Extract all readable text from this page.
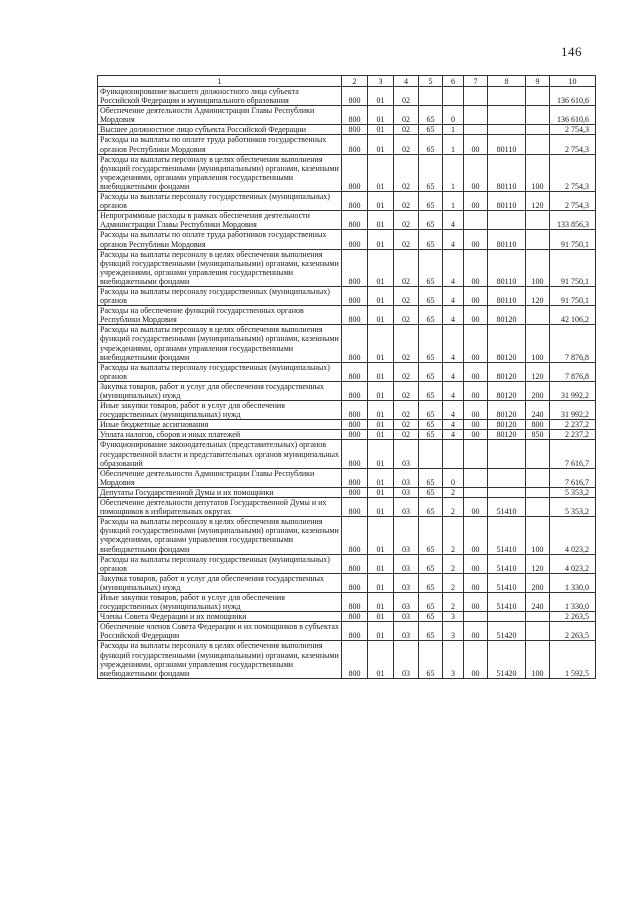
146
1	2	3	4	5	6	7	8	9	10
Функционирование высшего должностного лица субъекта Российской Федерации и муниципального образования	800	01	02						136 610,6
Обеспечение деятельности Администрации Главы Республики Мордовия	800	01	02	65	0				136 610,6
Высшее должностное лицо субъекта Российской Федерации	800	01	02	65	1				2 754,3
Расходы на выплаты по оплате труда работников государственных органов Республики Мордовия	800	01	02	65	1	00	80110		2 754,3
Расходы на выплаты персоналу в целях обеспечения выполнения функций государственными (муниципальными) органами, казенными учреждениями, органами управления государственными внебюджетными фондами	800	01	02	65	1	00	80110	100	2 754,3
Расходы на выплаты персоналу государственных (муниципальных) органов	800	01	02	65	1	00	80110	120	2 754,3
Непрограммные расходы в рамках обеспечения деятельности Администрации Главы Республики Мордовия	800	01	02	65	4				133 856,3
Расходы на выплаты по оплате труда работников государственных органов Республики Мордовия	800	01	02	65	4	00	80110		91 750,1
Расходы на выплаты персоналу в целях обеспечения выполнения функций государственными (муниципальными) органами, казенными учреждениями, органами управления государственными внебюджетными фондами	800	01	02	65	4	00	80110	100	91 750,1
Расходы на выплаты персоналу государственных (муниципальных) органов	800	01	02	65	4	00	80110	120	91 750,1
Расходы на обеспечение функций государственных органов Республики Мордовия	800	01	02	65	4	00	80120		42 106,2
Расходы на выплаты персоналу в целях обеспечения выполнения функций государственными (муниципальными) органами, казенными учреждениями, органами управления государственными внебюджетными фондами	800	01	02	65	4	00	80120	100	7 876,8
Расходы на выплаты персоналу государственных (муниципальных) органов	800	01	02	65	4	00	80120	120	7 876,8
Закупка товаров, работ и услуг для обеспечения государственных (муниципальных) нужд	800	01	02	65	4	00	80120	200	31 992,2
Иные закупки товаров, работ и услуг для обеспечения государственных (муниципальных) нужд	800	01	02	65	4	00	80120	240	31 992,2
Иные бюджетные ассигнования	800	01	02	65	4	00	80120	800	2 237,2
Уплата налогов, сборов и иных платежей	800	01	02	65	4	00	80120	850	2 237,2
Функционирование законодательных (представительных) органов государственной власти и представительных органов муниципальных образований	800	01	03						7 616,7
Обеспечение деятельности Администрации Главы Республики Мордовия	800	01	03	65	0				7 616,7
Депутаты Государственной Думы и их помощники	800	01	03	65	2				5 353,2
Обеспечение деятельности депутатов Государственной Думы и их помощников в избирательных округах	800	01	03	65	2	00	51410		5 353,2
Расходы на выплаты персоналу в целях обеспечения выполнения функций государственными (муниципальными) органами, казенными учреждениями, органами управления государственными внебюджетными фондами	800	01	03	65	2	00	51410	100	4 023,2
Расходы на выплаты персоналу государственных (муниципальных) органов	800	01	03	65	2	00	51410	120	4 023,2
Закупка товаров, работ и услуг для обеспечения государственных (муниципальных) нужд	800	01	03	65	2	00	51410	200	1 330,0
Иные закупки товаров, работ и услуг для обеспечения государственных (муниципальных) нужд	800	01	03	65	2	00	51410	240	1 330,0
Члены Совета Федерации и их помощники	800	01	03	65	3				2 263,5
Обеспечение членов Совета Федерации и их помощников в субъектах Российской Федерации	800	01	03	65	3	00	51420		2 263,5
Расходы на выплаты персоналу в целях обеспечения выполнения функций государственными (муниципальными) органами, казенными учреждениями, органами управления государственными внебюджетными фондами	800	01	03	65	3	00	51420	100	1 592,5
